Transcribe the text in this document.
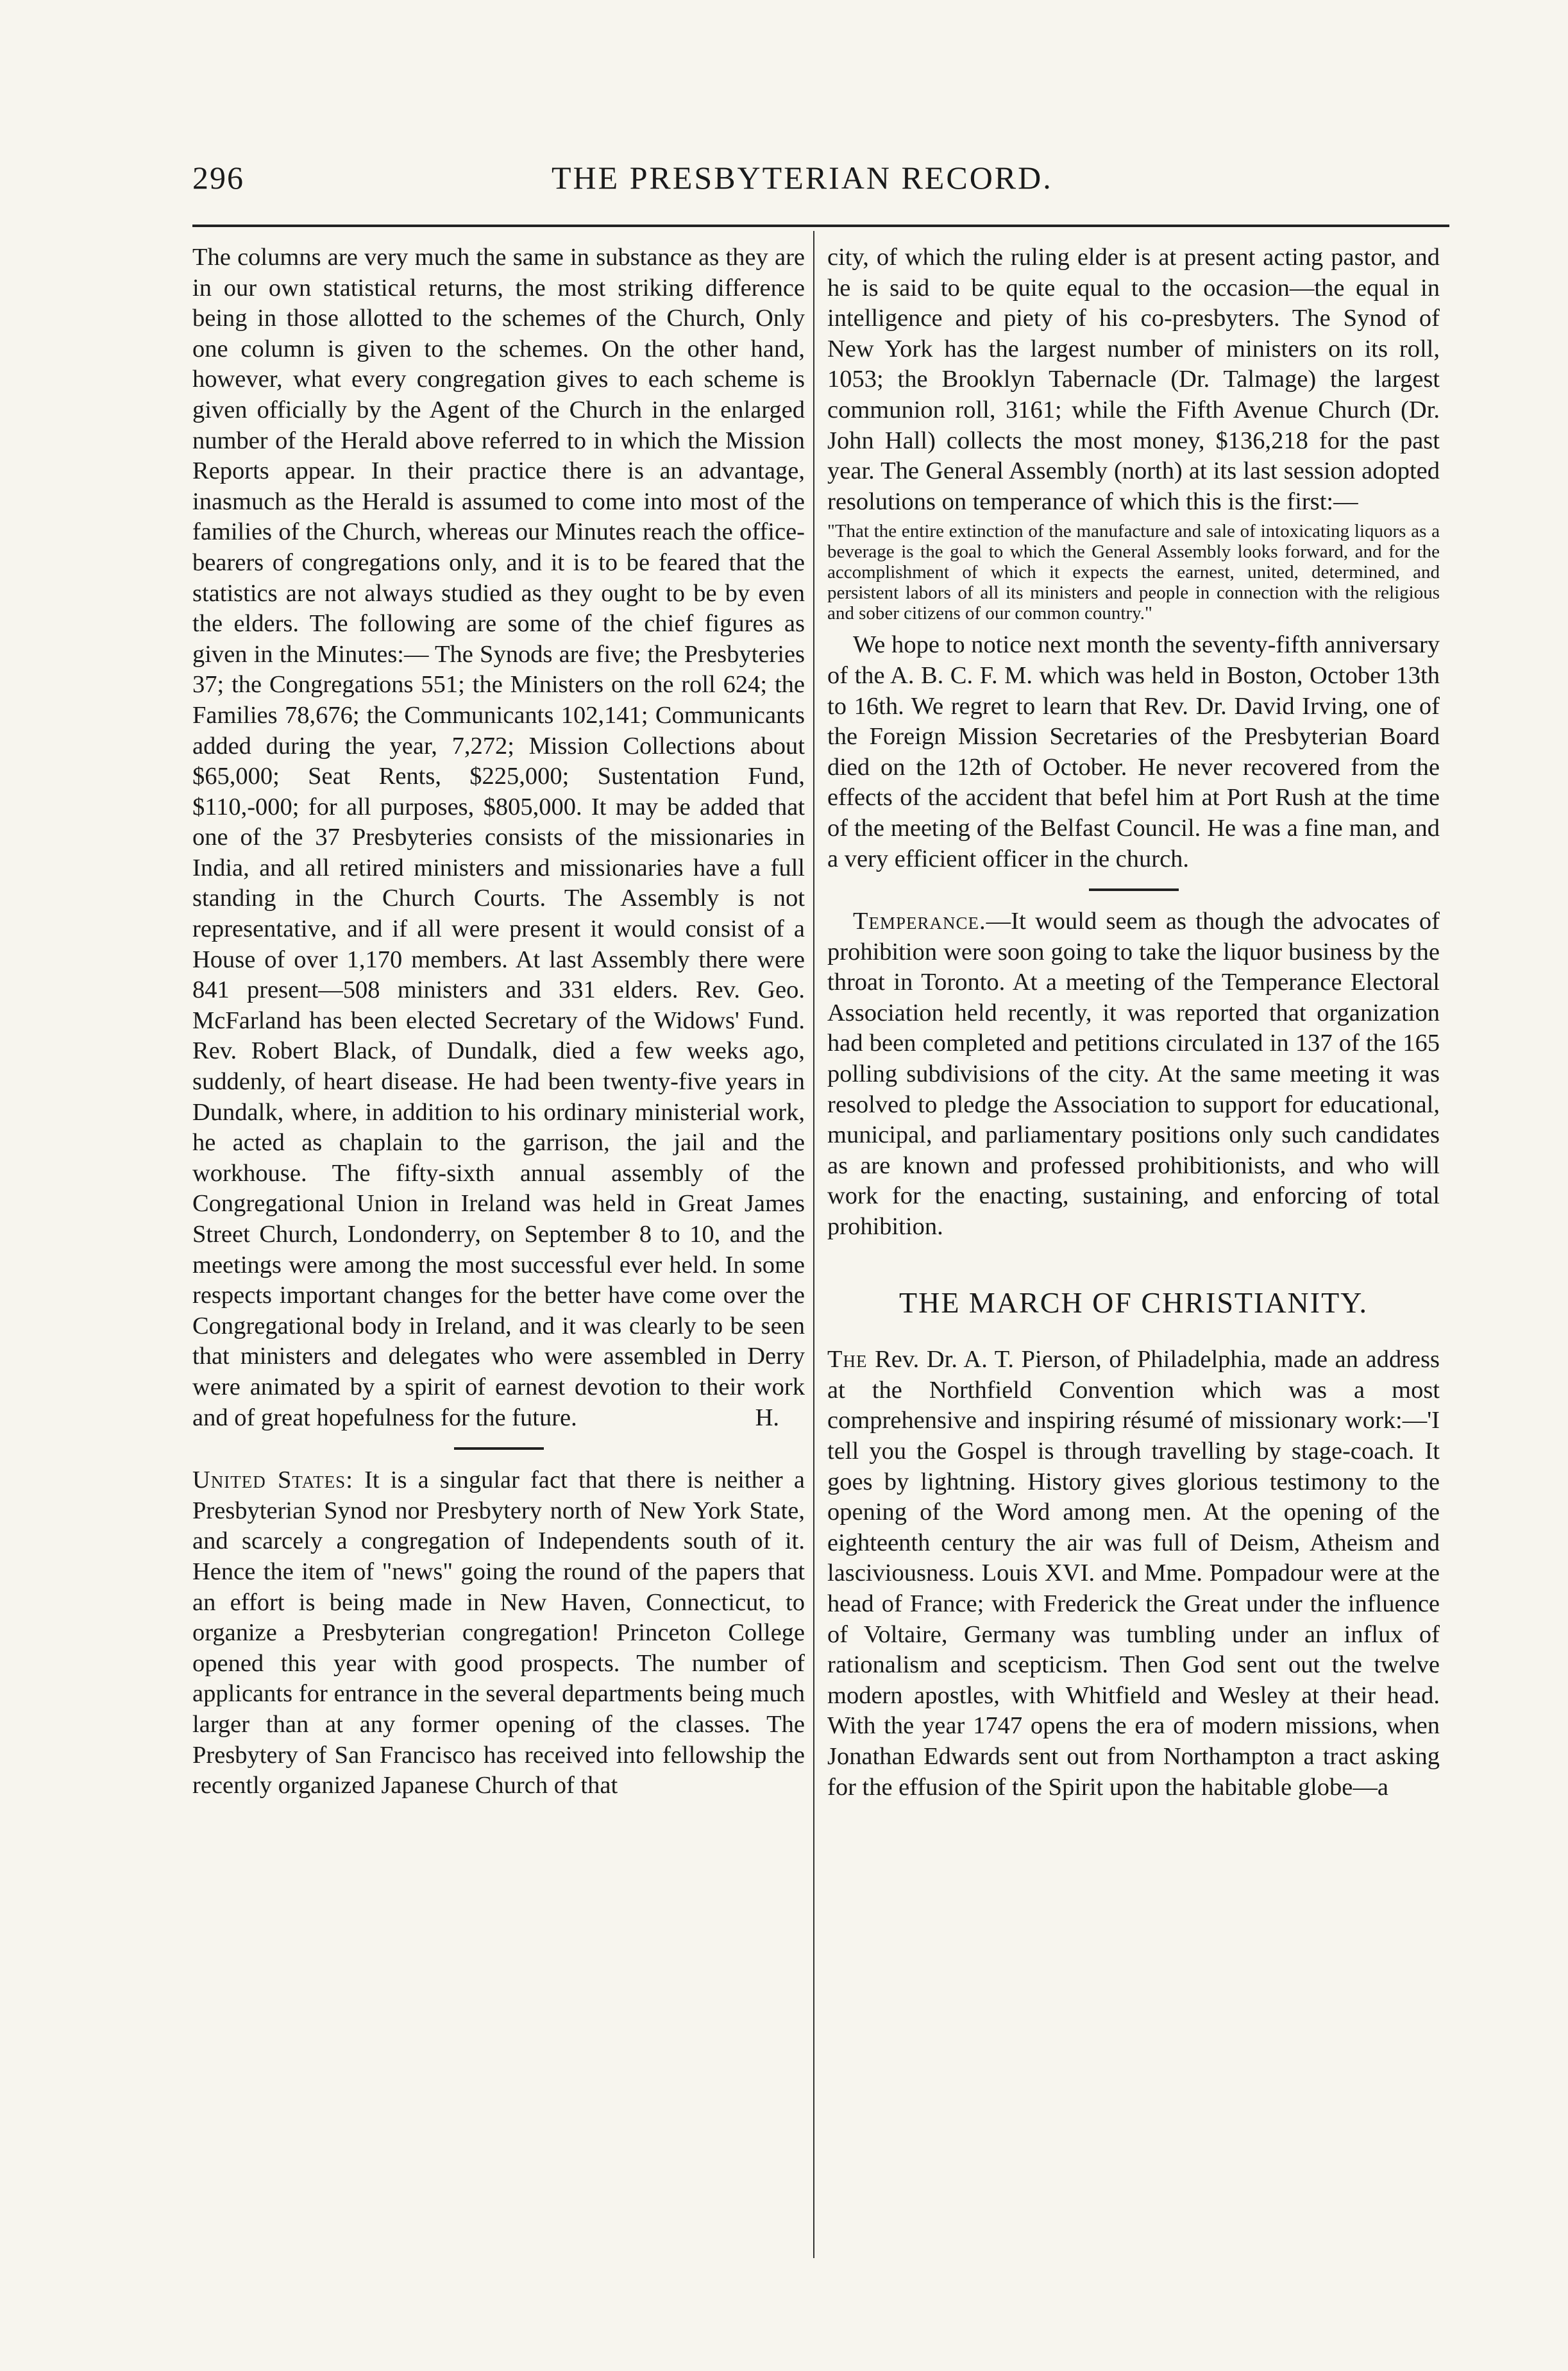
296	THE PRESBYTERIAN RECORD.

The columns are very much the same in substance as they are in our own statistical returns, the most striking difference being in those allotted to the schemes of the Church, Only one column is given to the schemes. On the other hand, however, what every congregation gives to each scheme is given officially by the Agent of the Church in the enlarged number of the Herald above referred to in which the Mission Reports appear. In their practice there is an advantage, inasmuch as the Herald is assumed to come into most of the families of the Church, whereas our Minutes reach the office-bearers of congregations only, and it is to be feared that the statistics are not always studied as they ought to be by even the elders. The following are some of the chief figures as given in the Minutes:— The Synods are five; the Presbyteries 37; the Congregations 551; the Ministers on the roll 624; the Families 78,676; the Communicants 102,141; Communicants added during the year, 7,272; Mission Collections about $65,000; Seat Rents, $225,000; Sustentation Fund, $110,-000; for all purposes, $805,000. It may be added that one of the 37 Presbyteries consists of the missionaries in India, and all retired ministers and missionaries have a full standing in the Church Courts. The Assembly is not representative, and if all were present it would consist of a House of over 1,170 members. At last Assembly there were 841 present—508 ministers and 331 elders. Rev. Geo. McFarland has been elected Secretary of the Widows' Fund. Rev. Robert Black, of Dundalk, died a few weeks ago, suddenly, of heart disease. He had been twenty-five years in Dundalk, where, in addition to his ordinary ministerial work, he acted as chaplain to the garrison, the jail and the workhouse. The fifty-sixth annual assembly of the Congregational Union in Ireland was held in Great James Street Church, Londonderry, on September 8 to 10, and the meetings were among the most successful ever held. In some respects important changes for the better have come over the Congregational body in Ireland, and it was clearly to be seen that ministers and delegates who were assembled in Derry were animated by a spirit of earnest devotion to their work and of great hopefulness for the future.	H.

United States: It is a singular fact that there is neither a Presbyterian Synod nor Presbytery north of New York State, and scarcely a congregation of Independents south of it. Hence the item of "news" going the round of the papers that an effort is being made in New Haven, Connecticut, to organize a Presbyterian congregation! Princeton College opened this year with good prospects. The number of applicants for entrance in the several departments being much larger than at any former opening of the classes. The Presbytery of San Francisco has received into fellowship the recently organized Japanese Church of that

city, of which the ruling elder is at present acting pastor, and he is said to be quite equal to the occasion—the equal in intelligence and piety of his co-presbyters. The Synod of New York has the largest number of ministers on its roll, 1053; the Brooklyn Tabernacle (Dr. Talmage) the largest communion roll, 3161; while the Fifth Avenue Church (Dr. John Hall) collects the most money, $136,218 for the past year. The General Assembly (north) at its last session adopted resolutions on temperance of which this is the first:—

"That the entire extinction of the manufacture and sale of intoxicating liquors as a beverage is the goal to which the General Assembly looks forward, and for the accomplishment of which it expects the earnest, united, determined, and persistent labors of all its ministers and people in connection with the religious and sober citizens of our common country."

We hope to notice next month the seventy-fifth anniversary of the A. B. C. F. M. which was held in Boston, October 13th to 16th. We regret to learn that Rev. Dr. David Irving, one of the Foreign Mission Secretaries of the Presbyterian Board died on the 12th of October. He never recovered from the effects of the accident that befel him at Port Rush at the time of the meeting of the Belfast Council. He was a fine man, and a very efficient officer in the church.

Temperance.—It would seem as though the advocates of prohibition were soon going to take the liquor business by the throat in Toronto. At a meeting of the Temperance Electoral Association held recently, it was reported that organization had been completed and petitions circulated in 137 of the 165 polling subdivisions of the city. At the same meeting it was resolved to pledge the Association to support for educational, municipal, and parliamentary positions only such candidates as are known and professed prohibitionists, and who will work for the enacting, sustaining, and enforcing of total prohibition.

THE MARCH OF CHRISTIANITY.

The Rev. Dr. A. T. Pierson, of Philadelphia, made an address at the Northfield Convention which was a most comprehensive and inspiring résumé of missionary work:—'I tell you the Gospel is through travelling by stage-coach. It goes by lightning. History gives glorious testimony to the opening of the Word among men. At the opening of the eighteenth century the air was full of Deism, Atheism and lasciviousness. Louis XVI. and Mme. Pompadour were at the head of France; with Frederick the Great under the influence of Voltaire, Germany was tumbling under an influx of rationalism and scepticism. Then God sent out the twelve modern apostles, with Whitfield and Wesley at their head. With the year 1747 opens the era of modern missions, when Jonathan Edwards sent out from Northampton a tract asking for the effusion of the Spirit upon the habitable globe—a
